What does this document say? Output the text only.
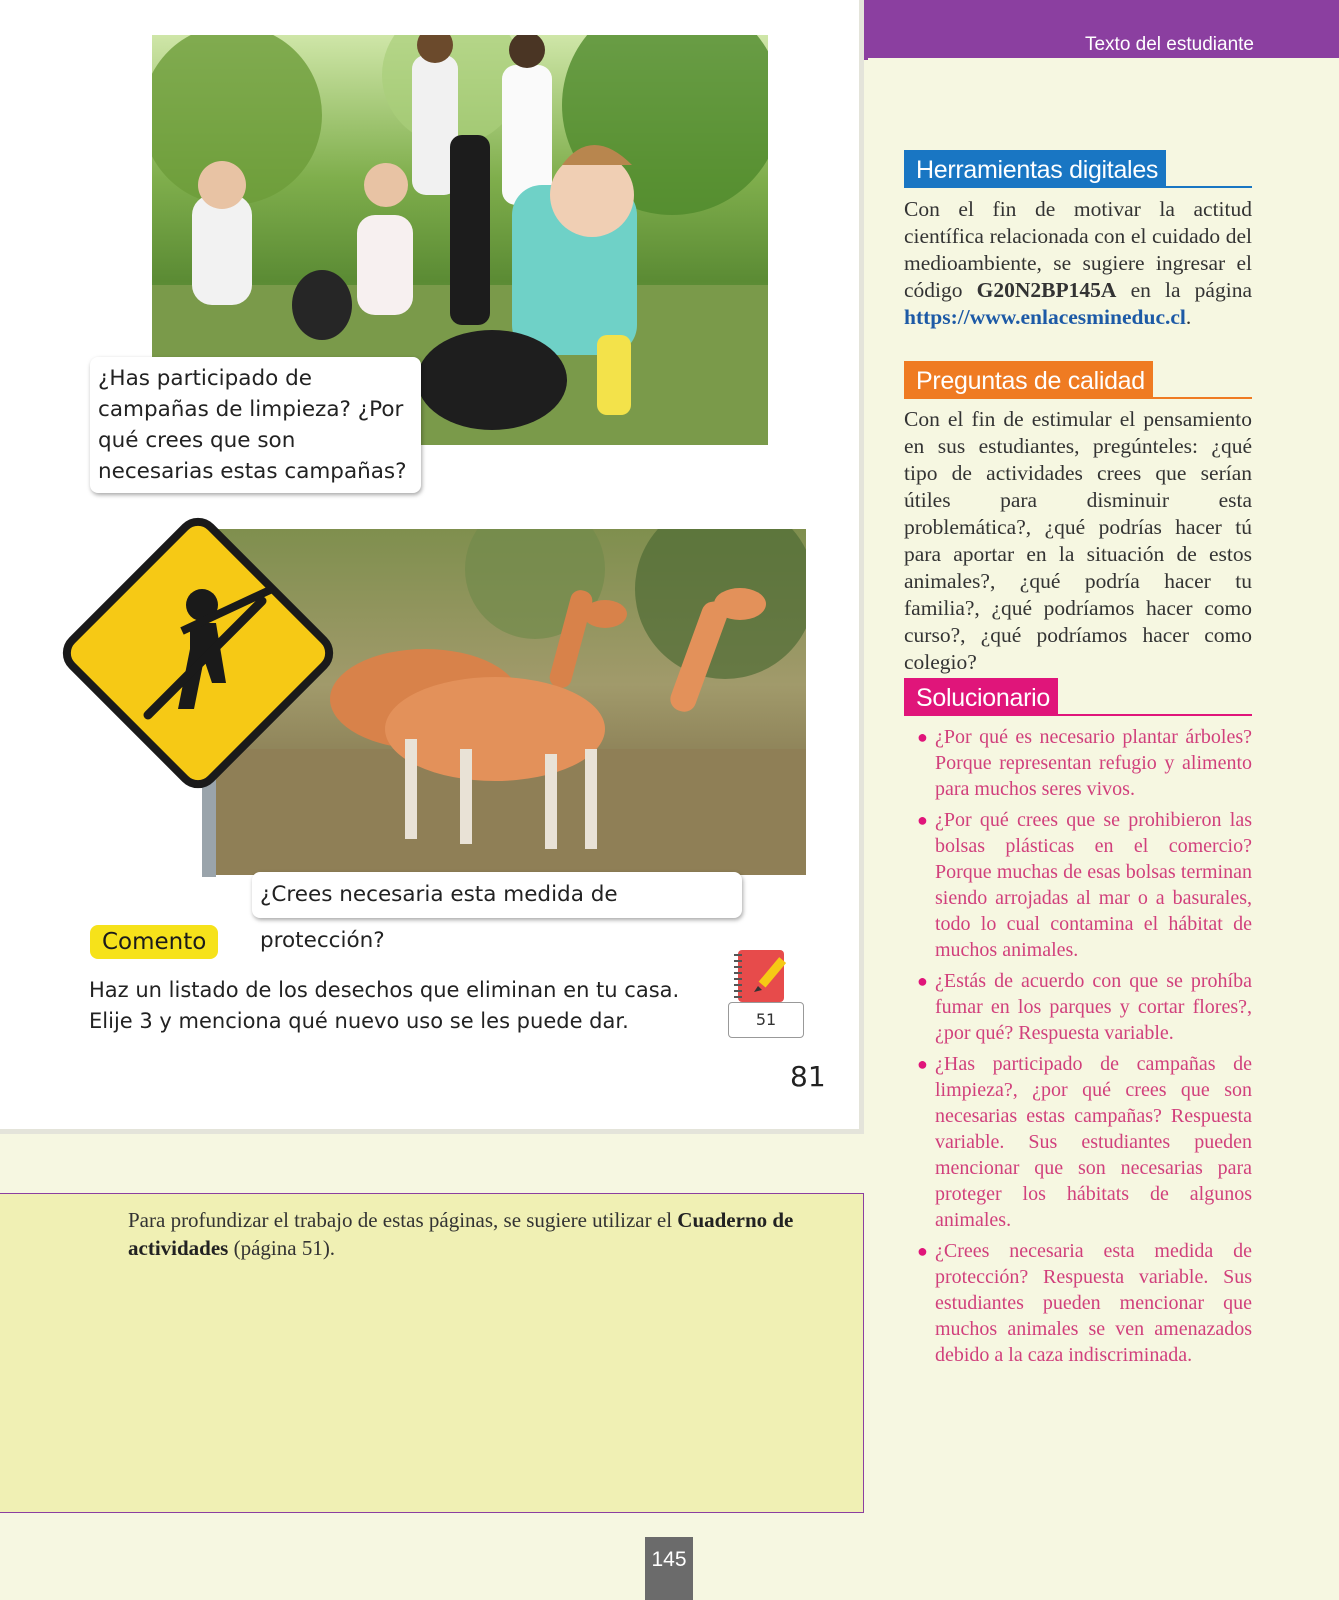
Texto del estudiante
¿Has participado de campañas de limpieza? ¿Por qué crees que son necesarias estas campañas?
¿Crees necesaria esta medida de protección?
Comento
Haz un listado de los desechos que eliminan en tu casa. Elije 3 y menciona qué nuevo uso se les puede dar.	51
81
Para profundizar el trabajo de estas páginas, se sugiere utilizar el Cuaderno de actividades (página 51).
Herramientas digitales
Con el fin de motivar la actitud científica relacionada con el cuidado del medioambiente, se sugiere ingresar el código G20N2BP145A en la página https://www.enlacesmineduc.cl.
Preguntas de calidad
Con el fin de estimular el pensamiento en sus estudiantes, pregúnteles: ¿qué tipo de actividades crees que serían útiles para disminuir esta problemática?, ¿qué podrías hacer tú para aportar en la situación de estos animales?, ¿qué podría hacer tu familia?, ¿qué podríamos hacer como curso?, ¿qué podríamos hacer como colegio?
Solucionario
● ¿Por qué es necesario plantar árboles? Porque representan refugio y alimento para muchos seres vivos.
● ¿Por qué crees que se prohibieron las bolsas plásticas en el comercio? Porque muchas de esas bolsas terminan siendo arrojadas al mar o a basurales, todo lo cual contamina el hábitat de muchos animales.
● ¿Estás de acuerdo con que se prohíba fumar en los parques y cortar flores?, ¿por qué? Respuesta variable.
● ¿Has participado de campañas de limpieza?, ¿por qué crees que son necesarias estas campañas? Respuesta variable. Sus estudiantes pueden mencionar que son necesarias para proteger los hábitats de algunos animales.
● ¿Crees necesaria esta medida de protección? Respuesta variable. Sus estudiantes pueden mencionar que muchos animales se ven amenazados debido a la caza indiscriminada.
145
